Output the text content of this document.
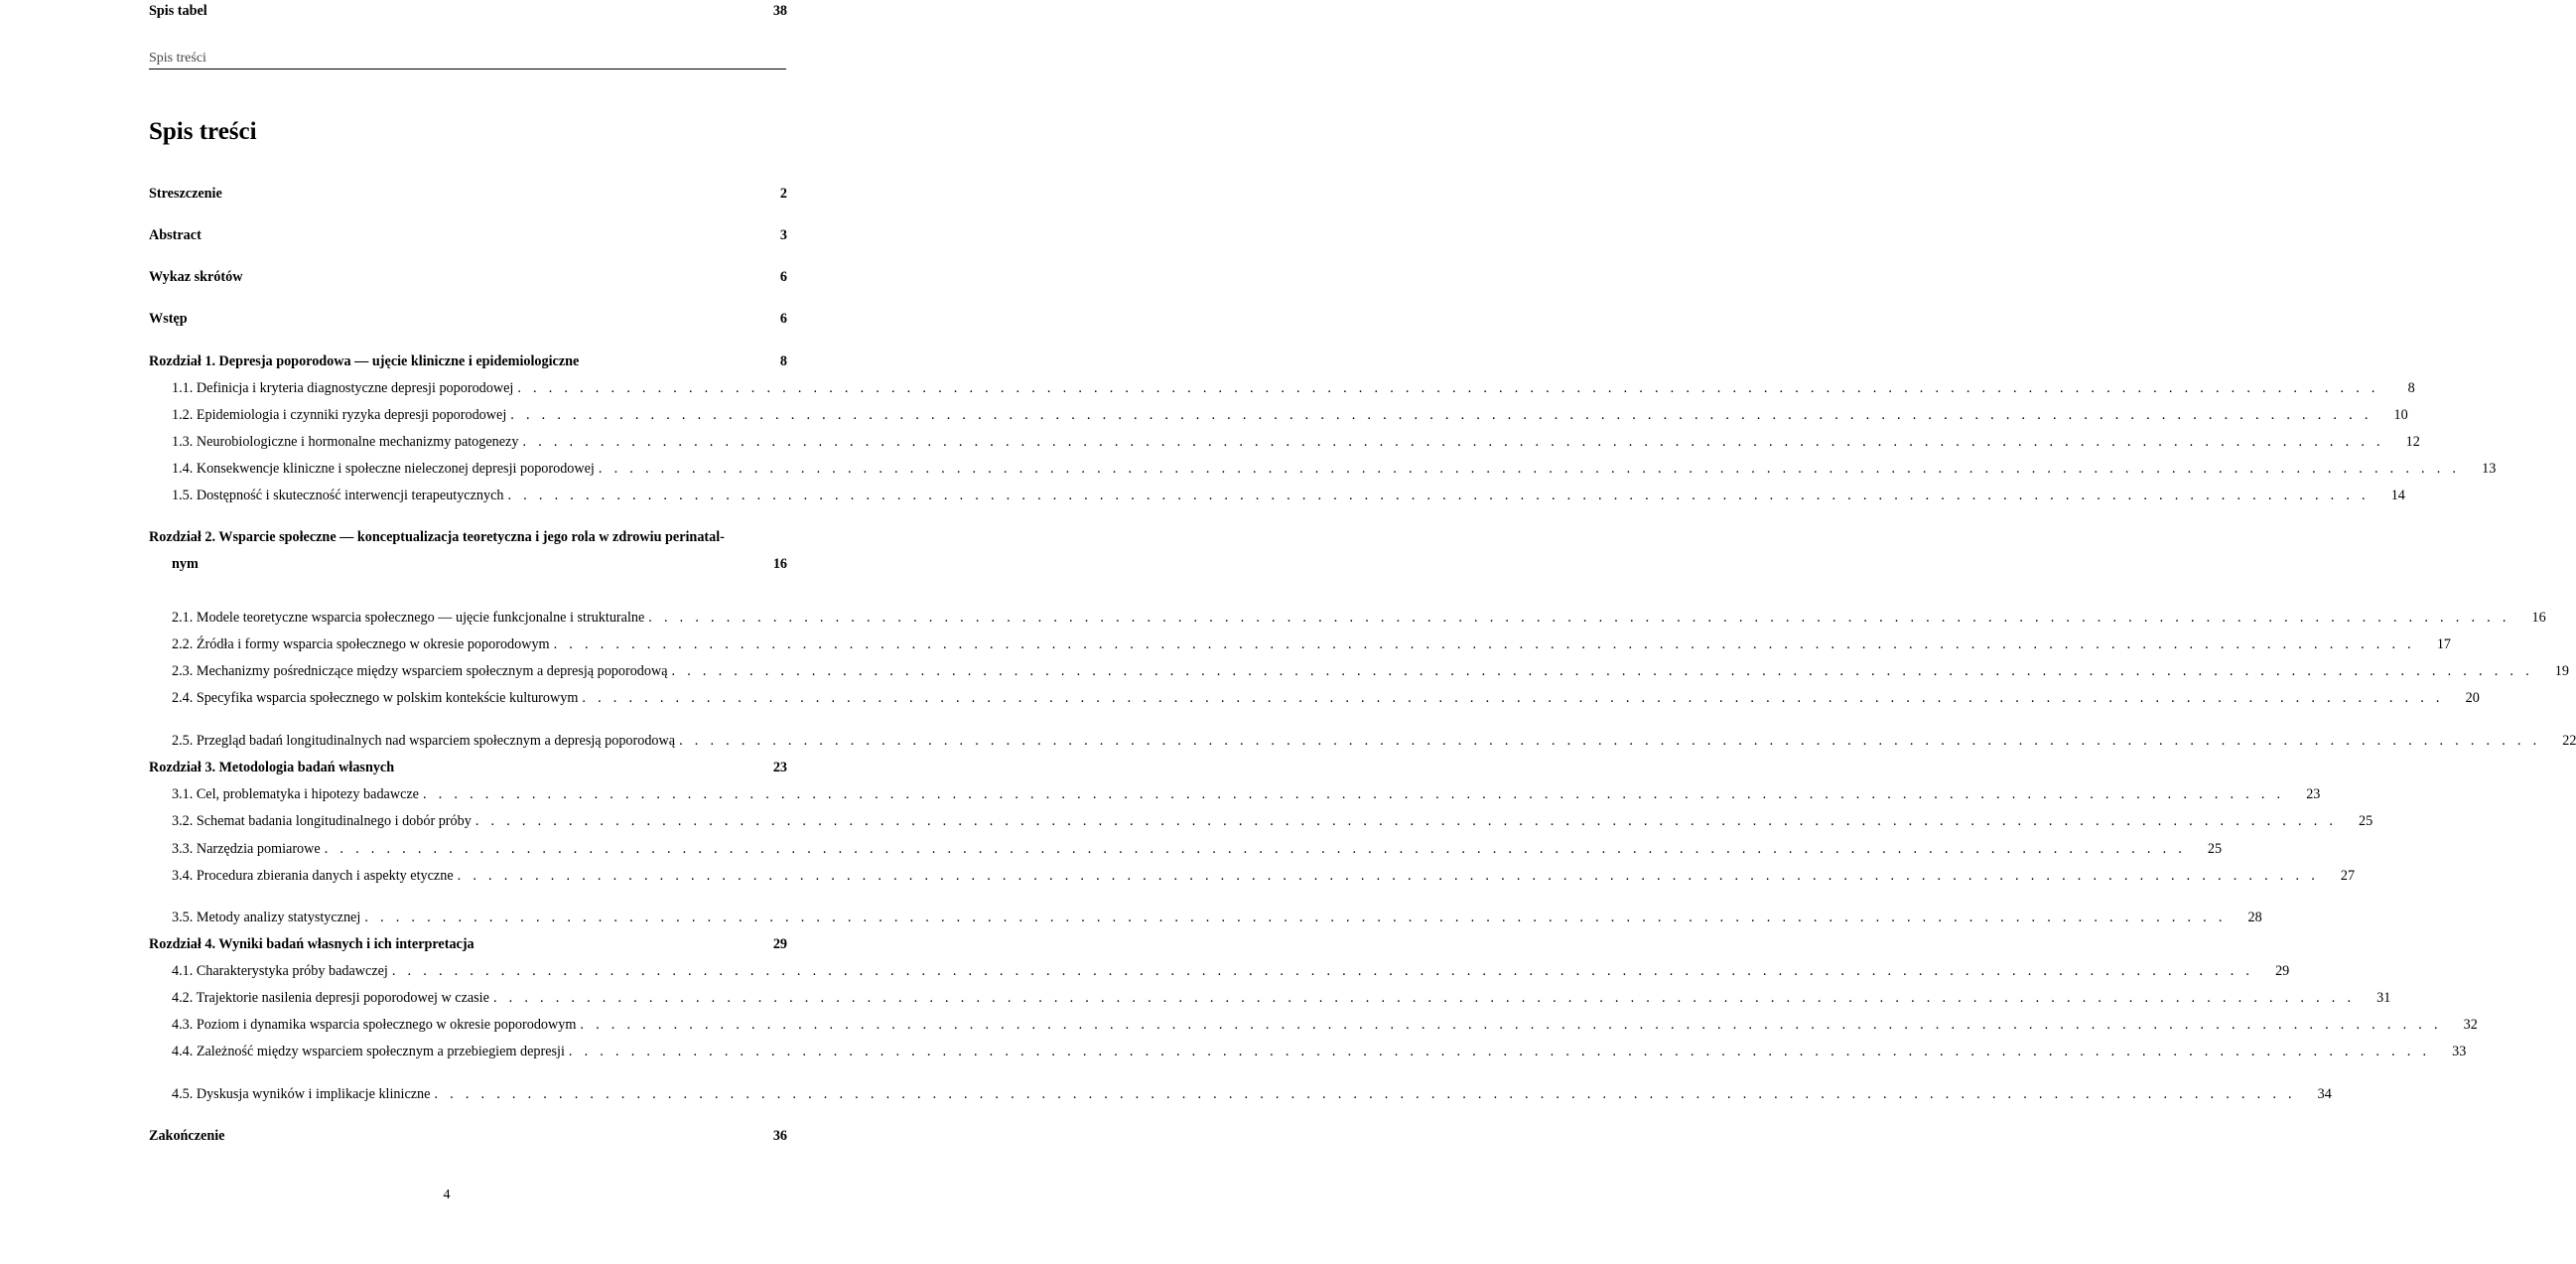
Spis treści
Spis treści
Streszczenie	2
Abstract	3
Wykaz skrótów	6
Wstęp	6
Rozdział 1. Depresja poporodowa — ujęcie kliniczne i epidemiologiczne	8
1.1. Definicja i kryteria diagnostyczne depresji poporodowej . . . . . . . . . . . . . . . . . . . . . . . . . . . . . . . . . . . . . . . . . . . . . . . . . . . . . . . . . . . . . . . . . . . . . . . . . . . . . . . . . . . . . . . . . . . . . . . . . . . . . . . . . . . . . . . . . . . . . . . .	8
1.2. Epidemiologia i czynniki ryzyka depresji poporodowej . . . . . . . . . . . . . . . . . . . . . . . . . . . . . . . . . . . . . . . . . . . . . . . . . . . . . . . . . . . . . . . . . . . . . . . . . . . . . . . . . . . . . . . . . . . . . . . . . . . . . . . . . . . . . . . . . . . . . . . .	10
1.3. Neurobiologiczne i hormonalne mechanizmy patogenezy . . . . . . . . . . . . . . . . . . . . . . . . . . . . . . . . . . . . . . . . . . . . . . . . . . . . . . . . . . . . . . . . . . . . . . . . . . . . . . . . . . . . . . . . . . . . . . . . . . . . . . . . . . . . . . . . . . . . . . . .	12
1.4. Konsekwencje kliniczne i społeczne nieleczonej depresji poporodowej . . . . . . . . . . . . . . . . . . . . . . . . . . . . . . . . . . . . . . . . . . . . . . . . . . . . . . . . . . . . . . . . . . . . . . . . . . . . . . . . . . . . . . . . . . . . . . . . . . . . . . . . . . . . . . . . . . . . . . . .	13
1.5. Dostępność i skuteczność interwencji terapeutycznych . . . . . . . . . . . . . . . . . . . . . . . . . . . . . . . . . . . . . . . . . . . . . . . . . . . . . . . . . . . . . . . . . . . . . . . . . . . . . . . . . . . . . . . . . . . . . . . . . . . . . . . . . . . . . . . . . . . . . . . .	14
Rozdział 2. Wsparcie społeczne — konceptualizacja teoretyczna i jego rola w zdrowiu perinatal-
nym	16
2.1. Modele teoretyczne wsparcia społecznego — ujęcie funkcjonalne i strukturalne . . . . . . . . . . . . . . . . . . . . . . . . . . . . . . . . . . . . . . . . . . . . . . . . . . . . . . . . . . . . . . . . . . . . . . . . . . . . . . . . . . . . . . . . . . . . . . . . . . . . . . . . . . . . . . . . . . . . . . . .	16
2.2. Źródła i formy wsparcia społecznego w okresie poporodowym . . . . . . . . . . . . . . . . . . . . . . . . . . . . . . . . . . . . . . . . . . . . . . . . . . . . . . . . . . . . . . . . . . . . . . . . . . . . . . . . . . . . . . . . . . . . . . . . . . . . . . . . . . . . . . . . . . . . . . . .	17
2.3. Mechanizmy pośredniczące między wsparciem społecznym a depresją poporodową . . . . . . . . . . . . . . . . . . . . . . . . . . . . . . . . . . . . . . . . . . . . . . . . . . . . . . . . . . . . . . . . . . . . . . . . . . . . . . . . . . . . . . . . . . . . . . . . . . . . . . . . . . . . . . . . . . . . . . . .	19
2.4. Specyfika wsparcia społecznego w polskim kontekście kulturowym . . . . . . . . . . . . . . . . . . . . . . . . . . . . . . . . . . . . . . . . . . . . . . . . . . . . . . . . . . . . . . . . . . . . . . . . . . . . . . . . . . . . . . . . . . . . . . . . . . . . . . . . . . . . . . . . . . . . . . . .	20
2.5. Przegląd badań longitudinalnych nad wsparciem społecznym a depresją poporodową . . . . . . . . . . . . . . . . . . . . . . . . . . . . . . . . . . . . . . . . . . . . . . . . . . . . . . . . . . . . . . . . . . . . . . . . . . . . . . . . . . . . . . . . . . . . . . . . . . . . . . . . . . . . . . . . . . . . . . . .	22
Rozdział 3. Metodologia badań własnych	23
3.1. Cel, problematyka i hipotezy badawcze . . . . . . . . . . . . . . . . . . . . . . . . . . . . . . . . . . . . . . . . . . . . . . . . . . . . . . . . . . . . . . . . . . . . . . . . . . . . . . . . . . . . . . . . . . . . . . . . . . . . . . . . . . . . . . . . . . . . . . . .	23
3.2. Schemat badania longitudinalnego i dobór próby . . . . . . . . . . . . . . . . . . . . . . . . . . . . . . . . . . . . . . . . . . . . . . . . . . . . . . . . . . . . . . . . . . . . . . . . . . . . . . . . . . . . . . . . . . . . . . . . . . . . . . . . . . . . . . . . . . . . . . . .	25
3.3. Narzędzia pomiarowe . . . . . . . . . . . . . . . . . . . . . . . . . . . . . . . . . . . . . . . . . . . . . . . . . . . . . . . . . . . . . . . . . . . . . . . . . . . . . . . . . . . . . . . . . . . . . . . . . . . . . . . . . . . . . . . . . . . . . . . .	25
3.4. Procedura zbierania danych i aspekty etyczne . . . . . . . . . . . . . . . . . . . . . . . . . . . . . . . . . . . . . . . . . . . . . . . . . . . . . . . . . . . . . . . . . . . . . . . . . . . . . . . . . . . . . . . . . . . . . . . . . . . . . . . . . . . . . . . . . . . . . . . .	27
3.5. Metody analizy statystycznej . . . . . . . . . . . . . . . . . . . . . . . . . . . . . . . . . . . . . . . . . . . . . . . . . . . . . . . . . . . . . . . . . . . . . . . . . . . . . . . . . . . . . . . . . . . . . . . . . . . . . . . . . . . . . . . . . . . . . . . .	28
Rozdział 4. Wyniki badań własnych i ich interpretacja	29
4.1. Charakterystyka próby badawczej . . . . . . . . . . . . . . . . . . . . . . . . . . . . . . . . . . . . . . . . . . . . . . . . . . . . . . . . . . . . . . . . . . . . . . . . . . . . . . . . . . . . . . . . . . . . . . . . . . . . . . . . . . . . . . . . . . . . . . . .	29
4.2. Trajektorie nasilenia depresji poporodowej w czasie . . . . . . . . . . . . . . . . . . . . . . . . . . . . . . . . . . . . . . . . . . . . . . . . . . . . . . . . . . . . . . . . . . . . . . . . . . . . . . . . . . . . . . . . . . . . . . . . . . . . . . . . . . . . . . . . . . . . . . . .	31
4.3. Poziom i dynamika wsparcia społecznego w okresie poporodowym . . . . . . . . . . . . . . . . . . . . . . . . . . . . . . . . . . . . . . . . . . . . . . . . . . . . . . . . . . . . . . . . . . . . . . . . . . . . . . . . . . . . . . . . . . . . . . . . . . . . . . . . . . . . . . . . . . . . . . . .	32
4.4. Zależność między wsparciem społecznym a przebiegiem depresji . . . . . . . . . . . . . . . . . . . . . . . . . . . . . . . . . . . . . . . . . . . . . . . . . . . . . . . . . . . . . . . . . . . . . . . . . . . . . . . . . . . . . . . . . . . . . . . . . . . . . . . . . . . . . . . . . . . . . . . .	33
4.5. Dyskusja wyników i implikacje kliniczne . . . . . . . . . . . . . . . . . . . . . . . . . . . . . . . . . . . . . . . . . . . . . . . . . . . . . . . . . . . . . . . . . . . . . . . . . . . . . . . . . . . . . . . . . . . . . . . . . . . . . . . . . . . . . . . . . . . . . . . .	34
Zakończenie	36
Spis tabel	38
4
